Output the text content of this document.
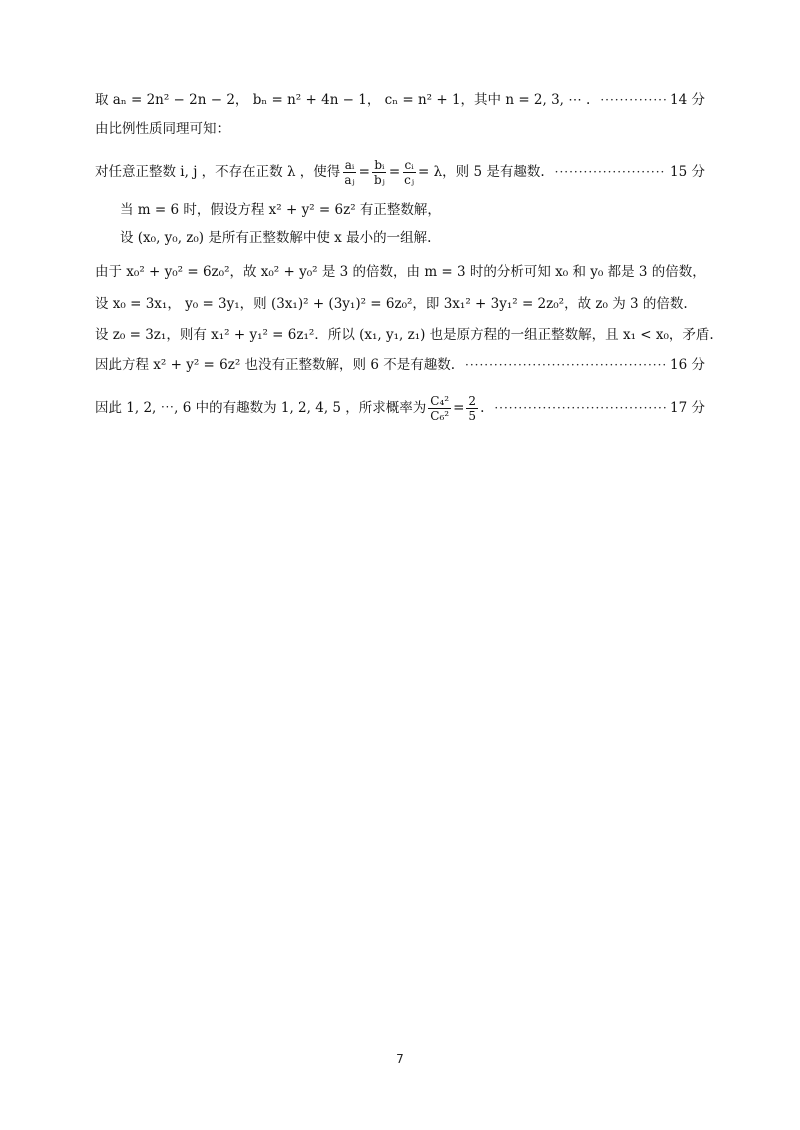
取 aₙ = 2n² − 2n − 2， bₙ = n² + 4n − 1， cₙ = n² + 1，其中 n = 2, 3, ⋯ . ·····	14 分
由比例性质同理可知：
对任意正整数 i, j ，不存在正数 λ ，使得 $\frac{\text{aᵢ}}{\text{aⱼ}} = \frac{\text{bᵢ}}{\text{bⱼ}} = \frac{\text{cᵢ}}{\text{cⱼ}} = \lambda$，则 5 是有趣数. ·····	15 分
当 m = 6 时，假设方程 x² + y² = 6z² 有正整数解，
设 (x₀, y₀, z₀) 是所有正整数解中使 x 最小的一组解.
由于 x₀² + y₀² = 6z₀²，故 x₀² + y₀² 是 3 的倍数，由 m = 3 时的分析可知 x₀ 和 y₀ 都是 3 的倍数，
设 x₀ = 3x₁， y₀ = 3y₁，则 (3x₁)² + (3y₁)² = 6z₀²，即 3x₁² + 3y₁² = 2z₀²，故 z₀ 为 3 的倍数.
设 z₀ = 3z₁，则有 x₁² + y₁² = 6z₁²．所以 (x₁, y₁, z₁) 也是原方程的一组正整数解，且 x₁ < x₀，矛盾.
因此方程 x² + y² = 6z² 也没有正整数解，则 6 不是有趣数. ·····	16 分
因此 1, 2, ⋯, 6 中的有趣数为 1, 2, 4, 5 ，所求概率为 $\frac{\text{C₄²}}{\text{C₆²}} = \frac{2}{5}$ . ·····	17 分
7
